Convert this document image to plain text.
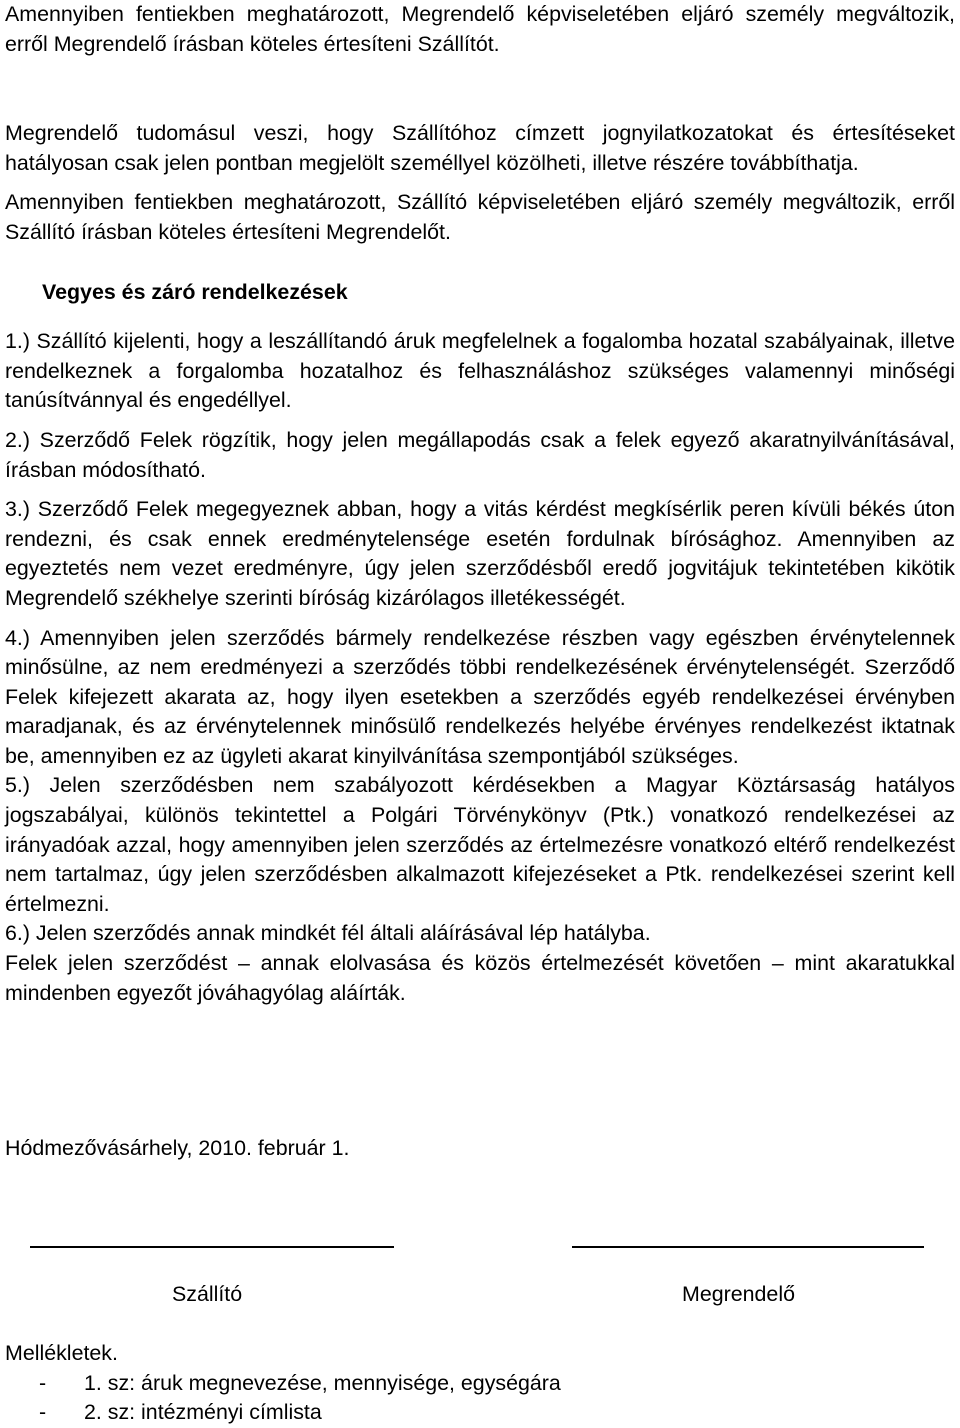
Amennyiben fentiekben meghatározott, Megrendelő képviseletében eljáró személy megváltozik, erről Megrendelő írásban köteles értesíteni Szállítót.

Megrendelő tudomásul veszi, hogy Szállítóhoz címzett jognyilatkozatokat és értesítéseket hatályosan csak jelen pontban megjelölt személlyel közölheti, illetve részére továbbíthatja.

Amennyiben fentiekben meghatározott, Szállító képviseletében eljáró személy megváltozik, erről Szállító írásban köteles értesíteni Megrendelőt.

Vegyes és záró rendelkezések

1.) Szállító kijelenti, hogy a leszállítandó áruk megfelelnek a fogalomba hozatal szabályainak, illetve rendelkeznek a forgalomba hozatalhoz és felhasználáshoz szükséges valamennyi minőségi tanúsítvánnyal és engedéllyel.

2.) Szerződő Felek rögzítik, hogy jelen megállapodás csak a felek egyező akaratnyilvánításával, írásban módosítható.

3.) Szerződő Felek megegyeznek abban, hogy a vitás kérdést megkísérlik peren kívüli békés úton rendezni, és csak ennek eredménytelensége esetén fordulnak bírósághoz. Amennyiben az egyeztetés nem vezet eredményre, úgy jelen szerződésből eredő jogvitájuk tekintetében kikötik Megrendelő székhelye szerinti bíróság kizárólagos illetékességét.

4.) Amennyiben jelen szerződés bármely rendelkezése részben vagy egészben érvénytelennek minősülne, az nem eredményezi a szerződés többi rendelkezésének érvénytelenségét. Szerződő Felek kifejezett akarata az, hogy ilyen esetekben a szerződés egyéb rendelkezései érvényben maradjanak, és az érvénytelennek minősülő rendelkezés helyébe érvényes rendelkezést iktatnak be, amennyiben ez az ügyleti akarat kinyilvánítása szempontjából szükséges.

5.) Jelen szerződésben nem szabályozott kérdésekben a Magyar Köztársaság hatályos jogszabályai, különös tekintettel a Polgári Törvénykönyv (Ptk.) vonatkozó rendelkezései az irányadóak azzal, hogy amennyiben jelen szerződés az értelmezésre vonatkozó eltérő rendelkezést nem tartalmaz, úgy jelen szerződésben alkalmazott kifejezéseket a Ptk. rendelkezései szerint kell értelmezni.

6.) Jelen szerződés annak mindkét fél általi aláírásával lép hatályba.

Felek jelen szerződést – annak elolvasása és közös értelmezését követően – mint akaratukkal mindenben egyezőt jóváhagyólag aláírták.

Hódmezővásárhely, 2010. február 1.

Szállító	Megrendelő

Mellékletek.

- 1. sz: áruk megnevezése, mennyisége, egységára
- 2. sz: intézményi címlista
